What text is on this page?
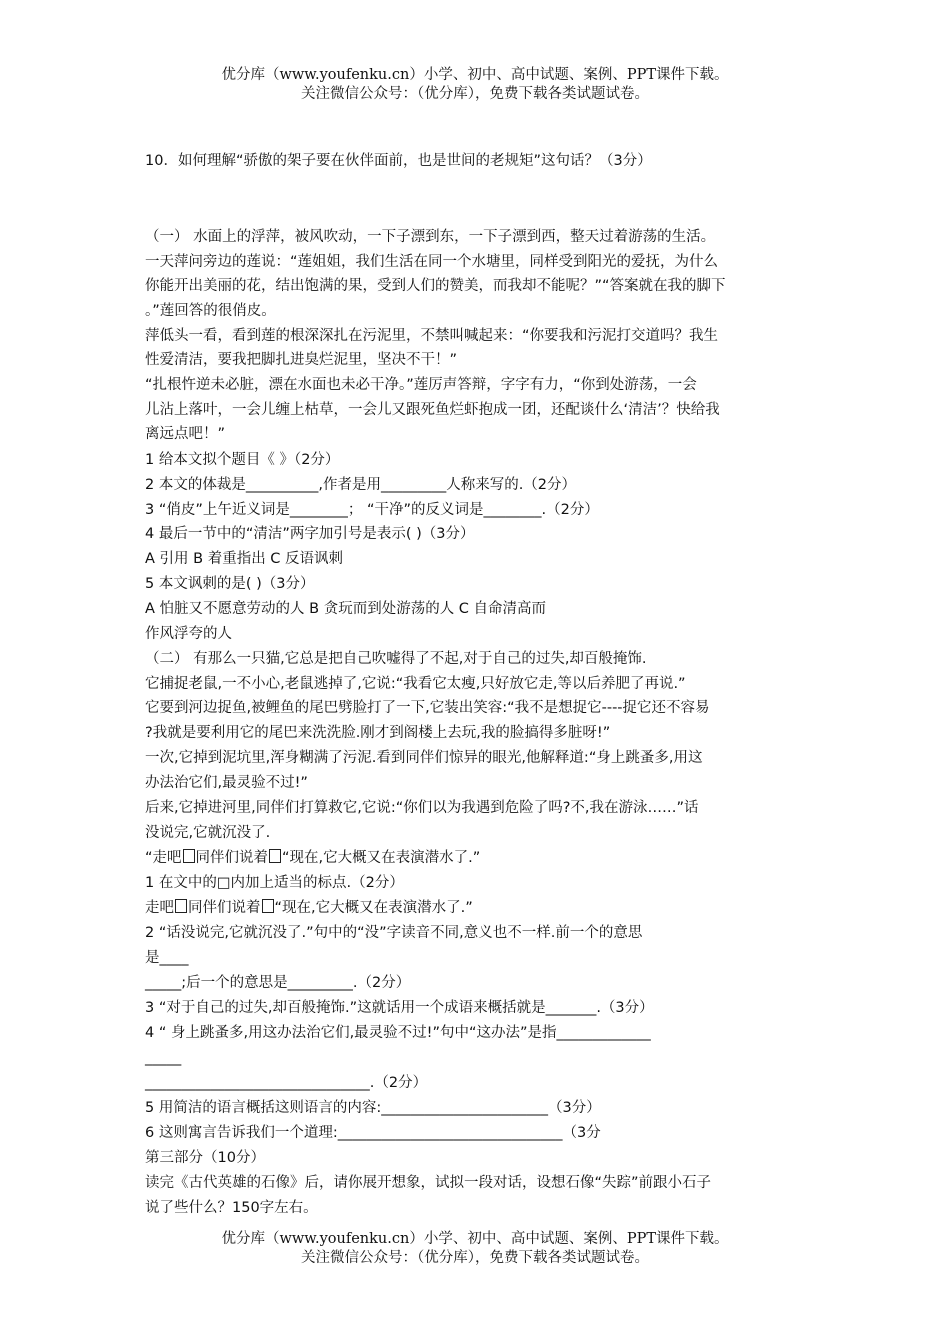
优分库（www.youfenku.cn）小学、初中、高中试题、案例、PPT课件下载。
关注微信公众号：（优分库），免费下载各类试题试卷。
10．如何理解“骄傲的架子要在伙伴面前，也是世间的老规矩”这句话？（3分）
（一） 水面上的浮萍，被风吹动，一下子漂到东，一下子漂到西，整天过着游荡的生活。
一天萍问旁边的莲说：“莲姐姐，我们生活在同一个水塘里，同样受到阳光的爱抚，为什么
你能开出美丽的花，结出饱满的果，受到人们的赞美，而我却不能呢？”“答案就在我的脚下
。”莲回答的很俏皮。
萍低头一看，看到莲的根深深扎在污泥里，不禁叫喊起来：“你要我和污泥打交道吗？我生
性爱清洁，要我把脚扎进臭烂泥里，坚决不干！”
“扎根忤逆未必脏，漂在水面也未必干净。”莲厉声答辩，字字有力，“你到处游荡，一会
儿沾上落叶，一会儿缠上枯草，一会儿又跟死鱼烂虾抱成一团，还配谈什么‘清洁’？快给我
离远点吧！”
1 给本文拟个题目《 》（2分）
2 本文的体裁是__________,作者是用_________人称来写的.（2分）
3 “俏皮”上午近义词是________； “干净”的反义词是________.（2分）
4 最后一节中的“清洁”两字加引号是表示( )（3分）
A 引用 B 着重指出 C 反语讽刺
5 本文讽刺的是( )（3分）
A 怕脏又不愿意劳动的人 B 贪玩而到处游荡的人 C 自命清高而
作风浮夸的人
（二） 有那么一只猫,它总是把自己吹嘘得了不起,对于自己的过失,却百般掩饰.
它捕捉老鼠,一不小心,老鼠逃掉了,它说:“我看它太瘦,只好放它走,等以后养肥了再说.”
它要到河边捉鱼,被鲤鱼的尾巴劈脸打了一下,它装出笑容:“我不是想捉它----捉它还不容易
?我就是要利用它的尾巴来洗洗脸.刚才到阁楼上去玩,我的脸搞得多脏呀!”
一次,它掉到泥坑里,浑身糊满了污泥.看到同伴们惊异的眼光,他解释道:“身上跳蚤多,用这
办法治它们,最灵验不过!”
后来,它掉进河里,同伴们打算救它,它说:“你们以为我遇到危险了吗?不,我在游泳……”话
没说完,它就沉没了.
“走吧 同伴们说着 “现在,它大概又在表演潜水了.”
1 在文中的□内加上适当的标点.（2分）
走吧 同伴们说着 “现在,它大概又在表演潜水了.”
2 “话没说完,它就沉没了.”句中的“没”字读音不同,意义也不一样.前一个的意思
是____
_____;后一个的意思是_________.（2分）
3 “对于自己的过失,却百般掩饰.”这就话用一个成语来概括就是_______.（3分）
4 “ 身上跳蚤多,用这办法治它们,最灵验不过!”句中“这办法”是指_____________
_____
_______________________________.（2分）
5 用简洁的语言概括这则语言的内容:_______________________（3分）
6 这则寓言告诉我们一个道理:_______________________________（3分
第三部分（10分）
读完《古代英雄的石像》后，请你展开想象，试拟一段对话，设想石像“失踪”前跟小石子
说了些什么？150字左右。
优分库（www.youfenku.cn）小学、初中、高中试题、案例、PPT课件下载。
关注微信公众号：（优分库），免费下载各类试题试卷。
